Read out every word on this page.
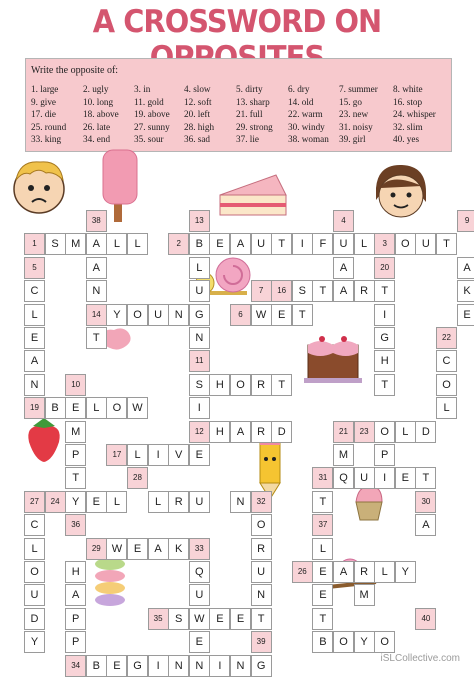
A CROSSWORD ON
Write the opposite of:
1. large	2. ugly	3. in	4. slow	5. dirty	6. dry	7. summer 8. white
9. give	10. long 11. gold 12. soft	13. sharp 14. old	15. go	16. stop
17. die	18. above 19. above 20. left	21. full	22. warm 23. new	24. whisper
25. round 26. late	27. sunny 28. high 29. strong 30. windy 31. noisy 32. slim
33. king 34. end	35. sour 36. sad	37. lie	38. woman 39. girl	40. yes
38	13	4	9
1	S	M	A	L	L	2	B	E	A	U	T	I	F	U	L	3	O	U	T
5	A	L	A	20	A
C	N	U	7	16	S	T	A	R	T	K
L	14	Y	O	U	N	G	6	W	E	T	I	E
E	T	N	G	22
A	11	H	C
N	10	S	H	O	R	T	T	O
19	B	E	L	O	W	I	L
M	12	H	A	R	D	21	23	O	L	D
P	17	L	I	V	E	M	P
T	28	31	Q	U	I	E	T
27	24	Y	E	L	L	R	U	N	32	T	30
C	36	O	37	A
L	29 W	E	A	K	33	R	L
O	H	Q	U	26	E	A	R	L	Y
U	A	U	N	E	M
D	P	35	S	W	E	E	T	T	40
Y	P	E	39	B	O	Y	O
34	B	E	G	I	N	N	I	N	G
iSLCollective.com
